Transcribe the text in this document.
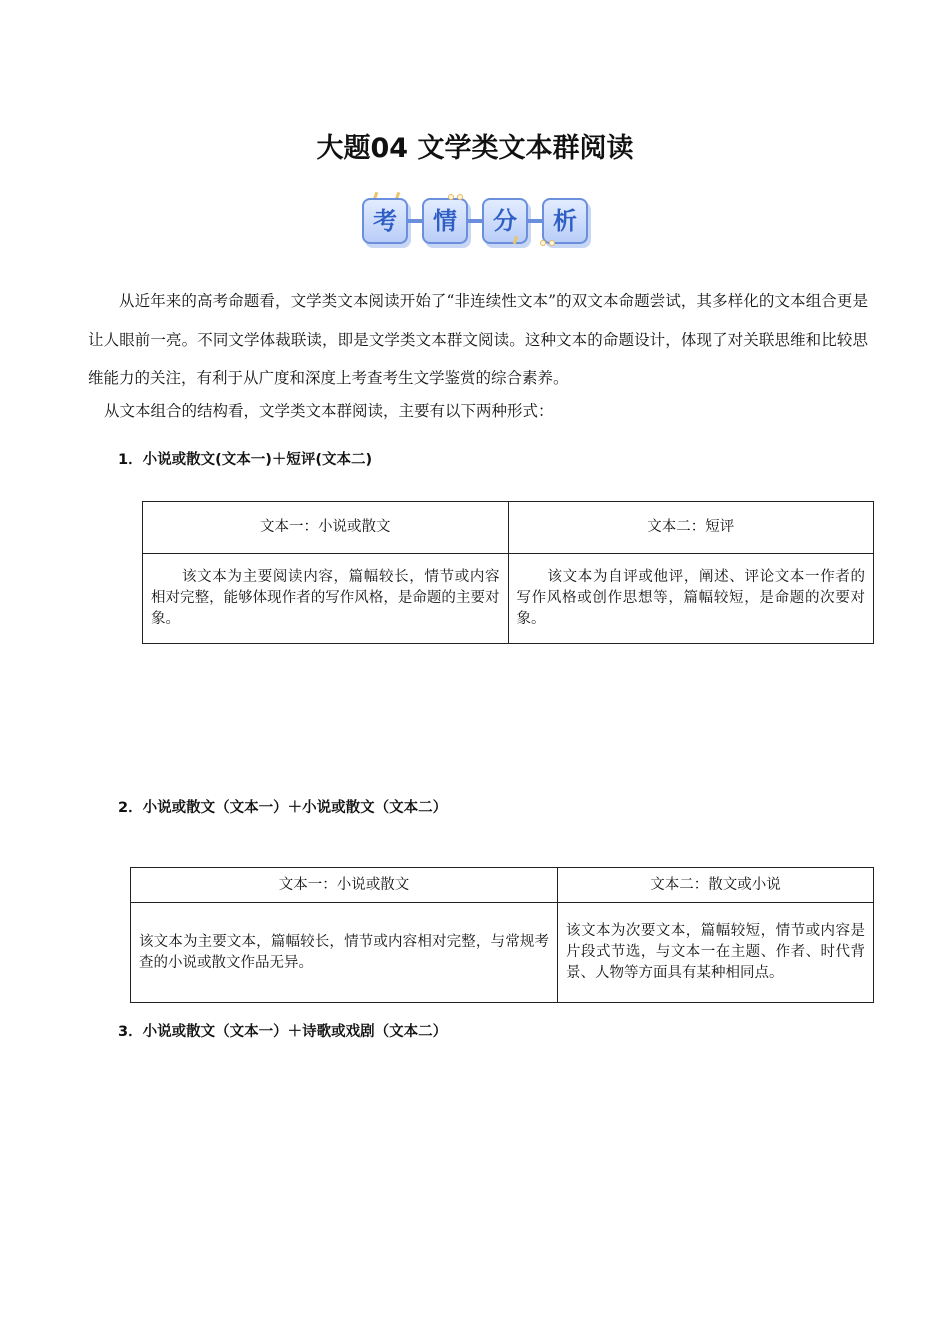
大题04 文学类文本群阅读
考	情	分	析

从近年来的高考命题看，文学类文本阅读开始了“非连续性文本”的双文本命题尝试，其多样化的文本组合更是让人眼前一亮。不同文学体裁联读，即是文学类文本群文阅读。这种文本的命题设计，体现了对关联思维和比较思维能力的关注，有利于从广度和深度上考查考生文学鉴赏的综合素养。

从文本组合的结构看，文学类文本群阅读，主要有以下两种形式：

1．小说或散文(文本一)＋短评(文本二)

文本一：小说或散文	文本二：短评
该文本为主要阅读内容，篇幅较长，情节或内容相对完整，能够体现作者的写作风格，是命题的主要对象。	该文本为自评或他评，阐述、评论文本一作者的写作风格或创作思想等，篇幅较短，是命题的次要对象。

2．小说或散文（文本一）＋小说或散文（文本二）

文本一：小说或散文	文本二：散文或小说
该文本为主要文本，篇幅较长，情节或内容相对完整，与常规考查的小说或散文作品无异。	该文本为次要文本，篇幅较短，情节或内容是片段式节选，与文本一在主题、作者、时代背景、人物等方面具有某种相同点。

3．小说或散文（文本一）＋诗歌或戏剧（文本二）
